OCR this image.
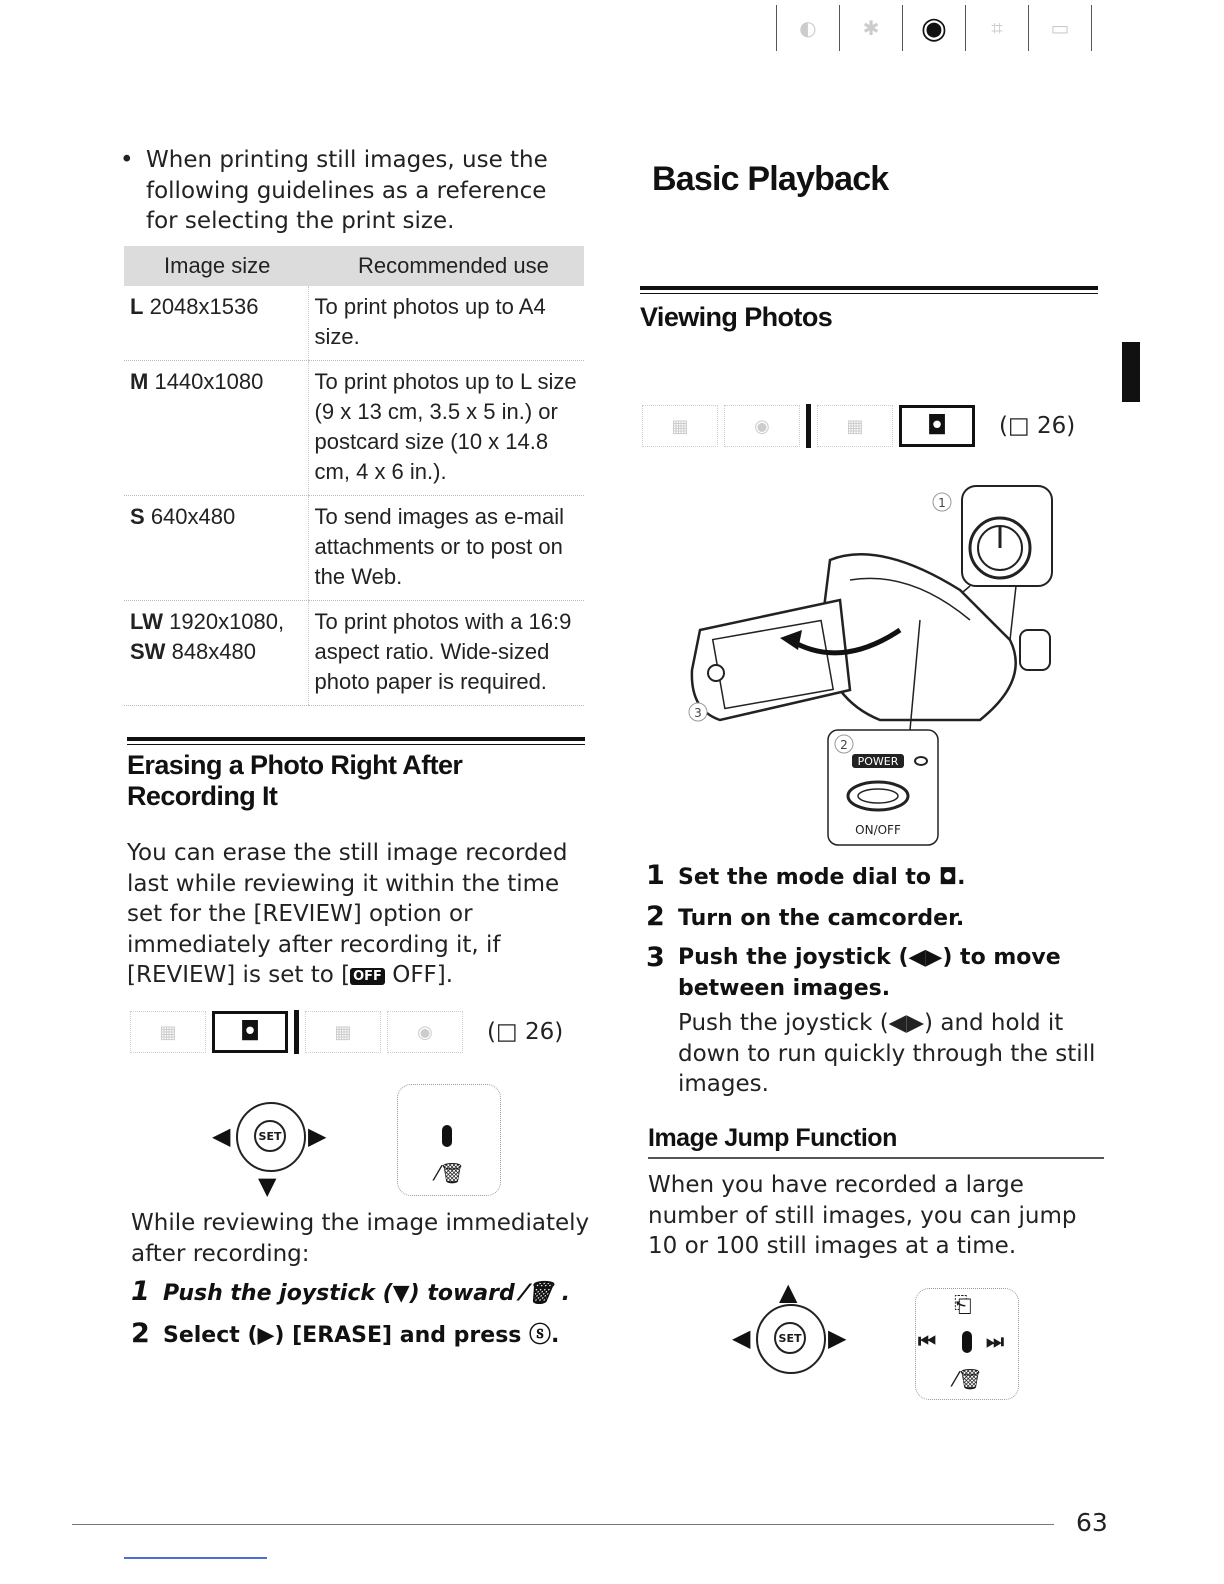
◐	✱	◉	⌗	▭
• When printing still images, use the following guidelines as a reference for selecting the print size.
Image size	Recommended use
L 2048x1536	To print photos up to A4 size.
M 1440x1080	To print photos up to L size (9 x 13 cm, 3.5 x 5 in.) or postcard size (10 x 14.8 cm, 4 x 6 in.).
S 640x480	To send images as e-mail attachments or to post on the Web.
LW 1920x1080,
SW 848x480	To print photos with a 16:9 aspect ratio. Wide-sized photo paper is required.
Erasing a Photo Right After Recording It
You can erase the still image recorded last while reviewing it within the time set for the [REVIEW] option or immediately after recording it, if [REVIEW] is set to [ OFF OFF].
▦	◘	▦	◉	(□ 26)
SET
◀	▶
▼	⁄🗑
While reviewing the image immediately after recording:
1 Push the joystick (▼) toward ⁄🗑 .
2 Select (▶) [ERASE] and press ⓢ.
Basic Playback
Viewing Photos
▦	◉	▦	◘	(□ 26)
POWER
ON/OFF
1
2
3
1 Set the mode dial to ◘.
2 Turn on the camcorder.
3 Push the joystick (◀▶) to move between images.
Push the joystick (◀▶) and hold it down to run quickly through the still images.
Image Jump Function
When you have recorded a large number of still images, you can jump 10 or 100 still images at a time.
▲
SET
◀	▶
⎗
⏮	⏭
⁄🗑
63
